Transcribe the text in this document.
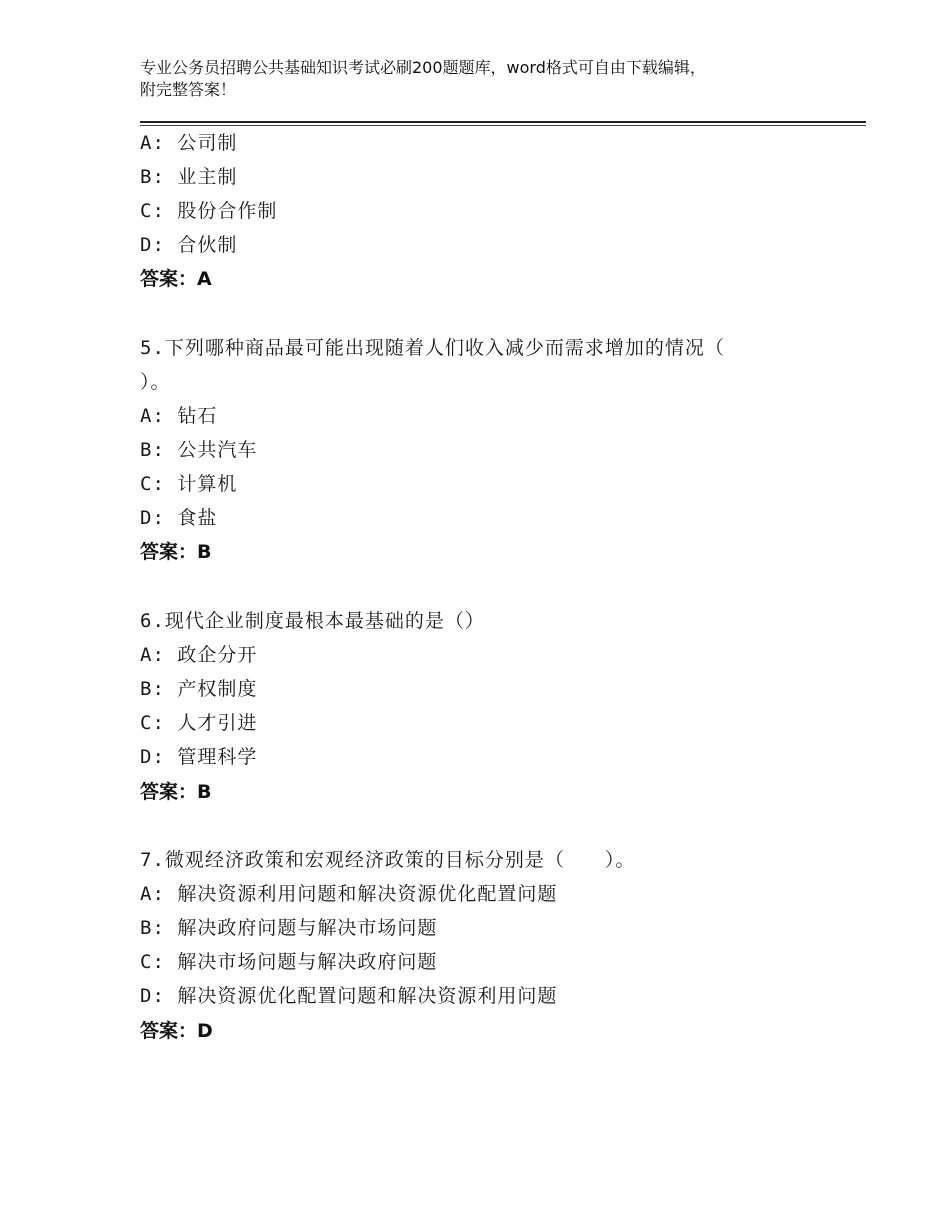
专业公务员招聘公共基础知识考试必刷200题题库，word格式可自由下载编辑，
附完整答案！
A: 公司制
B: 业主制
C: 股份合作制
D: 合伙制
答案：A
5.下列哪种商品最可能出现随着人们收入减少而需求增加的情况（
）。
A: 钻石
B: 公共汽车
C: 计算机
D: 食盐
答案：B
6.现代企业制度最根本最基础的是（）
A: 政企分开
B: 产权制度
C: 人才引进
D: 管理科学
答案：B
7.微观经济政策和宏观经济政策的目标分别是（　　）。
A: 解决资源利用问题和解决资源优化配置问题
B: 解决政府问题与解决市场问题
C: 解决市场问题与解决政府问题
D: 解决资源优化配置问题和解决资源利用问题
答案：D
